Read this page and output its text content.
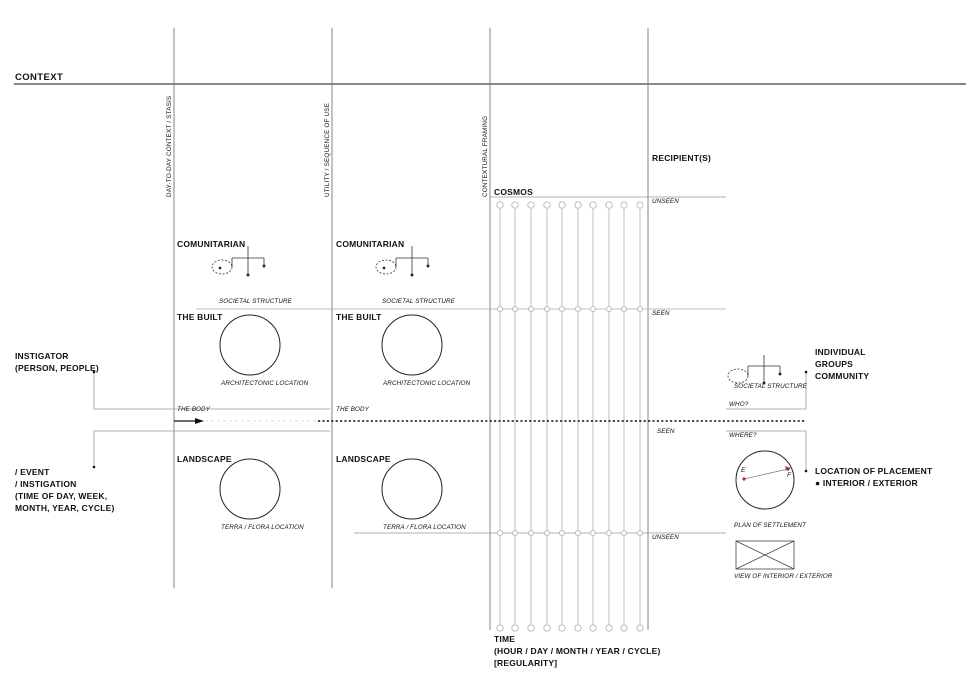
CONTEXT
DAY-TO-DAY CONTEXT / STASIS	UTILITY / SEQUENCE OF USE	CONTEXTURAL FRAMING
INSTIGATOR
(PERSON, PEOPLE)
/ EVENT
/ INSTIGATION
(TIME OF DAY, WEEK,
MONTH, YEAR, CYCLE)
COMUNITARIAN
SOCIETAL STRUCTURE
THE BUILT
ARCHITECTONIC LOCATION
THE BODY
LANDSCAPE
TERRA / FLORA LOCATION
COMUNITARIAN
SOCIETAL STRUCTURE
THE BUILT
ARCHITECTONIC LOCATION
THE BODY
LANDSCAPE
TERRA / FLORA LOCATION
COSMOS
TIME
(HOUR / DAY / MONTH / YEAR / CYCLE)
[REGULARITY]
RECIPIENT(S)
UNSEEN
SEEN
SEEN
UNSEEN
SOCIETAL STRUCTURE
WHO?
WHERE?
E
F
PLAN OF SETTLEMENT
VIEW OF INTERIOR / EXTERIOR
INDIVIDUAL
GROUPS
COMMUNITY
LOCATION OF PLACEMENT
● INTERIOR / EXTERIOR
